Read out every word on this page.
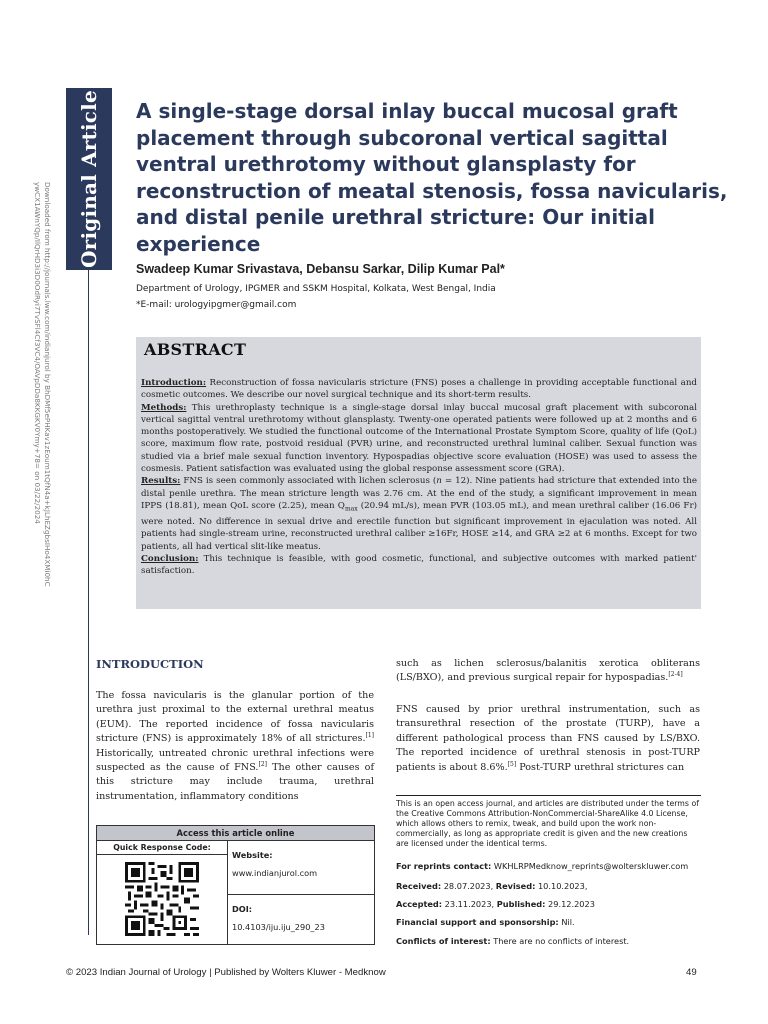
Original Article
Downloaded from http://journals.lww.com/indianjurol by BhDMf5ePHKav1zEoum1tQfN4a+kJLhEZgbsIHo4XMi0hC
ywCX1AWnYQp/IlQrHD3i3D0OdRyi7TvSFl4Cf3VC4/OAVpDDa8KKGKV0Ymy+78= on 03/22/2024
A single-stage dorsal inlay buccal mucosal graft placement through subcoronal vertical sagittal ventral urethrotomy without glansplasty for reconstruction of meatal stenosis, fossa navicularis, and distal penile urethral stricture: Our initial experience
Swadeep Kumar Srivastava, Debansu Sarkar, Dilip Kumar Pal*
Department of Urology, IPGMER and SSKM Hospital, Kolkata, West Bengal, India
*E-mail: urologyipgmer@gmail.com
ABSTRACT

Introduction: Reconstruction of fossa navicularis stricture (FNS) poses a challenge in providing acceptable functional and cosmetic outcomes. We describe our novel surgical technique and its short-term results.

Methods: This urethroplasty technique is a single-stage dorsal inlay buccal mucosal graft placement with subcoronal vertical sagittal ventral urethrotomy without glansplasty. Twenty-one operated patients were followed up at 2 months and 6 months postoperatively. We studied the functional outcome of the International Prostate Symptom Score, quality of life (QoL) score, maximum flow rate, postvoid residual (PVR) urine, and reconstructed urethral luminal caliber. Sexual function was studied via a brief male sexual function inventory. Hypospadias objective score evaluation (HOSE) was used to assess the cosmesis. Patient satisfaction was evaluated using the global response assessment score (GRA).

Results: FNS is seen commonly associated with lichen sclerosus (n = 12). Nine patients had stricture that extended into the distal penile urethra. The mean stricture length was 2.76 cm. At the end of the study, a significant improvement in mean IPPS (18.81), mean QoL score (2.25), mean $Q_{max}$ (20.94 mL/s), mean PVR (103.05 mL), and mean urethral caliber (16.06 Fr) were noted. No difference in sexual drive and erectile function but significant improvement in ejaculation was noted. All patients had single-stream urine, reconstructed urethral caliber ≥16Fr, HOSE ≥14, and GRA ≥2 at 6 months. Except for two patients, all had vertical slit-like meatus.

Conclusion: This technique is feasible, with good cosmetic, functional, and subjective outcomes with marked patient' satisfaction.

INTRODUCTION

The fossa navicularis is the glanular portion of the urethra just proximal to the external urethral meatus (EUM). The reported incidence of fossa navicularis stricture (FNS) is approximately 18% of all strictures.[1] Historically, untreated chronic urethral infections were suspected as the cause of FNS.[2] The other causes of this stricture may include trauma, urethral instrumentation, inflammatory conditions

such as lichen sclerosus/balanitis xerotica obliterans (LS/BXO), and previous surgical repair for hypospadias.[2-4]

FNS caused by prior urethral instrumentation, such as transurethral resection of the prostate (TURP), have a different pathological process than FNS caused by LS/BXO. The reported incidence of urethral stenosis in post-TURP patients is about 8.6%.[5] Post-TURP urethral strictures can

This is an open access journal, and articles are distributed under the terms of the Creative Commons Attribution-NonCommercial-ShareAlike 4.0 License, which allows others to remix, tweak, and build upon the work non-commercially, as long as appropriate credit is given and the new creations are licensed under the identical terms.
For reprints contact: WKHLRPMedknow_reprints@wolterskluwer.com
Received: 28.07.2023, Revised: 10.10.2023,
Accepted: 23.11.2023, Published: 29.12.2023
Financial support and sponsorship: Nil.
Conflicts of interest: There are no conflicts of interest.
Access this article online
Quick Response Code:
Website:
www.indianjurol.com
DOI:
10.4103/iju.iju_290_23
© 2023 Indian Journal of Urology | Published by Wolters Kluwer - Medknow	49
